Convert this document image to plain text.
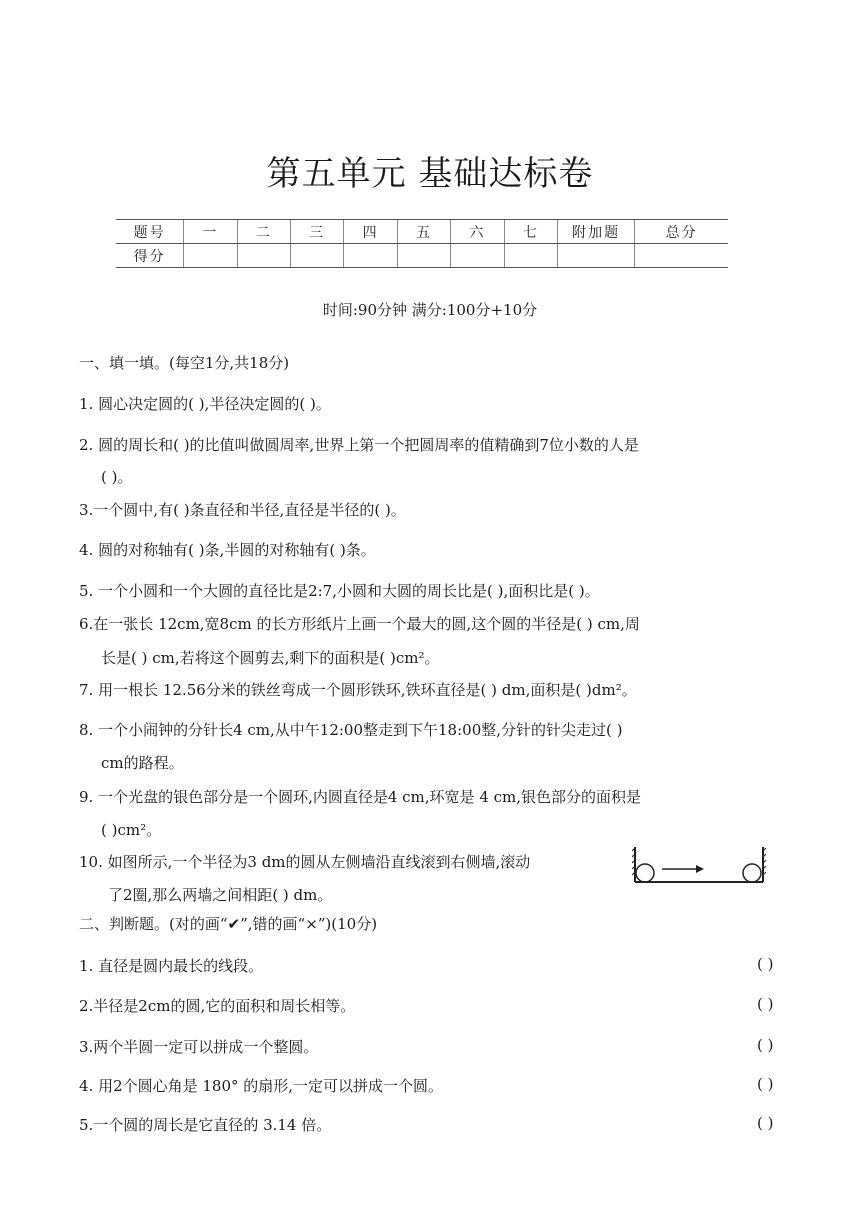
第五单元 基础达标卷
题号	一	二	三	四	五	六	七	附加题	总分
得分									
时间:90分钟 满分:100分+10分
一、填一填。(每空1分,共18分)
1. 圆心决定圆的( ),半径决定圆的( )。
2. 圆的周长和( )的比值叫做圆周率,世界上第一个把圆周率的值精确到7位小数的人是
( )。
3.一个圆中,有( )条直径和半径,直径是半径的( )。
4. 圆的对称轴有( )条,半圆的对称轴有( )条。
5. 一个小圆和一个大圆的直径比是2:7,小圆和大圆的周长比是( ),面积比是( )。
6.在一张长 12cm,宽8cm 的长方形纸片上画一个最大的圆,这个圆的半径是( ) cm,周
长是( ) cm,若将这个圆剪去,剩下的面积是( )cm²。
7. 用一根长 12.56分米的铁丝弯成一个圆形铁环,铁环直径是( ) dm,面积是( )dm²。
8. 一个小闹钟的分针长4 cm,从中午12:00整走到下午18:00整,分针的针尖走过( )
cm的路程。
9. 一个光盘的银色部分是一个圆环,内圆直径是4 cm,环宽是 4 cm,银色部分的面积是
( )cm²。
10. 如图所示,一个半径为3 dm的圆从左侧墙沿直线滚到右侧墙,滚动
了2圈,那么两墙之间相距( ) dm。
二、判断题。(对的画“✔”,错的画“×”)(10分)
1. 直径是圆内最长的线段。	( )
2.半径是2cm的圆,它的面积和周长相等。	( )
3.两个半圆一定可以拼成一个整圆。	( )
4. 用2个圆心角是 180° 的扇形,一定可以拼成一个圆。	( )
5.一个圆的周长是它直径的 3.14 倍。	( )
